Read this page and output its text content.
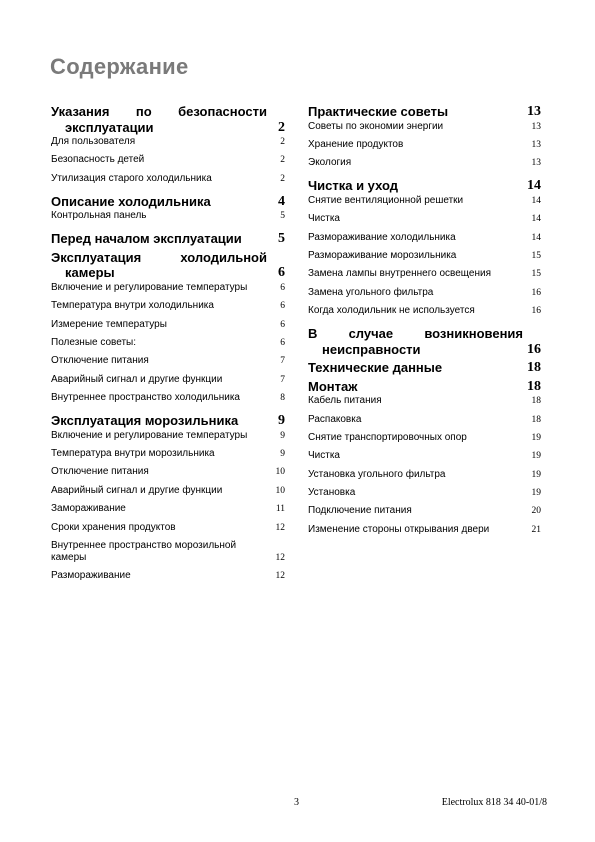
Содержание
Указания по безопасности
эксплуатации	2
Для пользователя	2
Безопасность детей	2
Утилизация старого холодильника	2
Описание холодильника	4
Контрольная панель	5
Перед началом эксплуатации	5
Эксплуатация холодильной
камеры	6
Включение и регулирование температуры	6
Температура внутри холодильника	6
Измерение температуры	6
Полезные советы:	6
Отключение питания	7
Аварийный сигнал и другие функции	7
Внутреннее пространство холодильника	8
Эксплуатация морозильника	9
Включение и регулирование температуры	9
Температура внутри морозильника	9
Отключение питания	10
Аварийный сигнал и другие функции	10
Замораживание	11
Сроки хранения продуктов	12
Внутреннее пространство морозильной камеры	12
Размораживание	12
Практические советы	13
Советы по экономии энергии	13
Хранение продуктов	13
Экология	13
Чистка и уход	14
Снятие вентиляционной решетки	14
Чистка	14
Размораживание холодильника	14
Размораживание морозильника	15
Замена лампы внутреннего освещения	15
Замена угольного фильтра	16
Когда холодильник не используется	16
В случае возникновения
неисправности	16
Технические данные	18
Монтаж	18
Кабель питания	18
Распаковка	18
Снятие транспортировочных опор	19
Чистка	19
Установка угольного фильтра	19
Установка	19
Подключение питания	20
Изменение стороны открывания двери	21
3	Electrolux 818 34 40-01/8
